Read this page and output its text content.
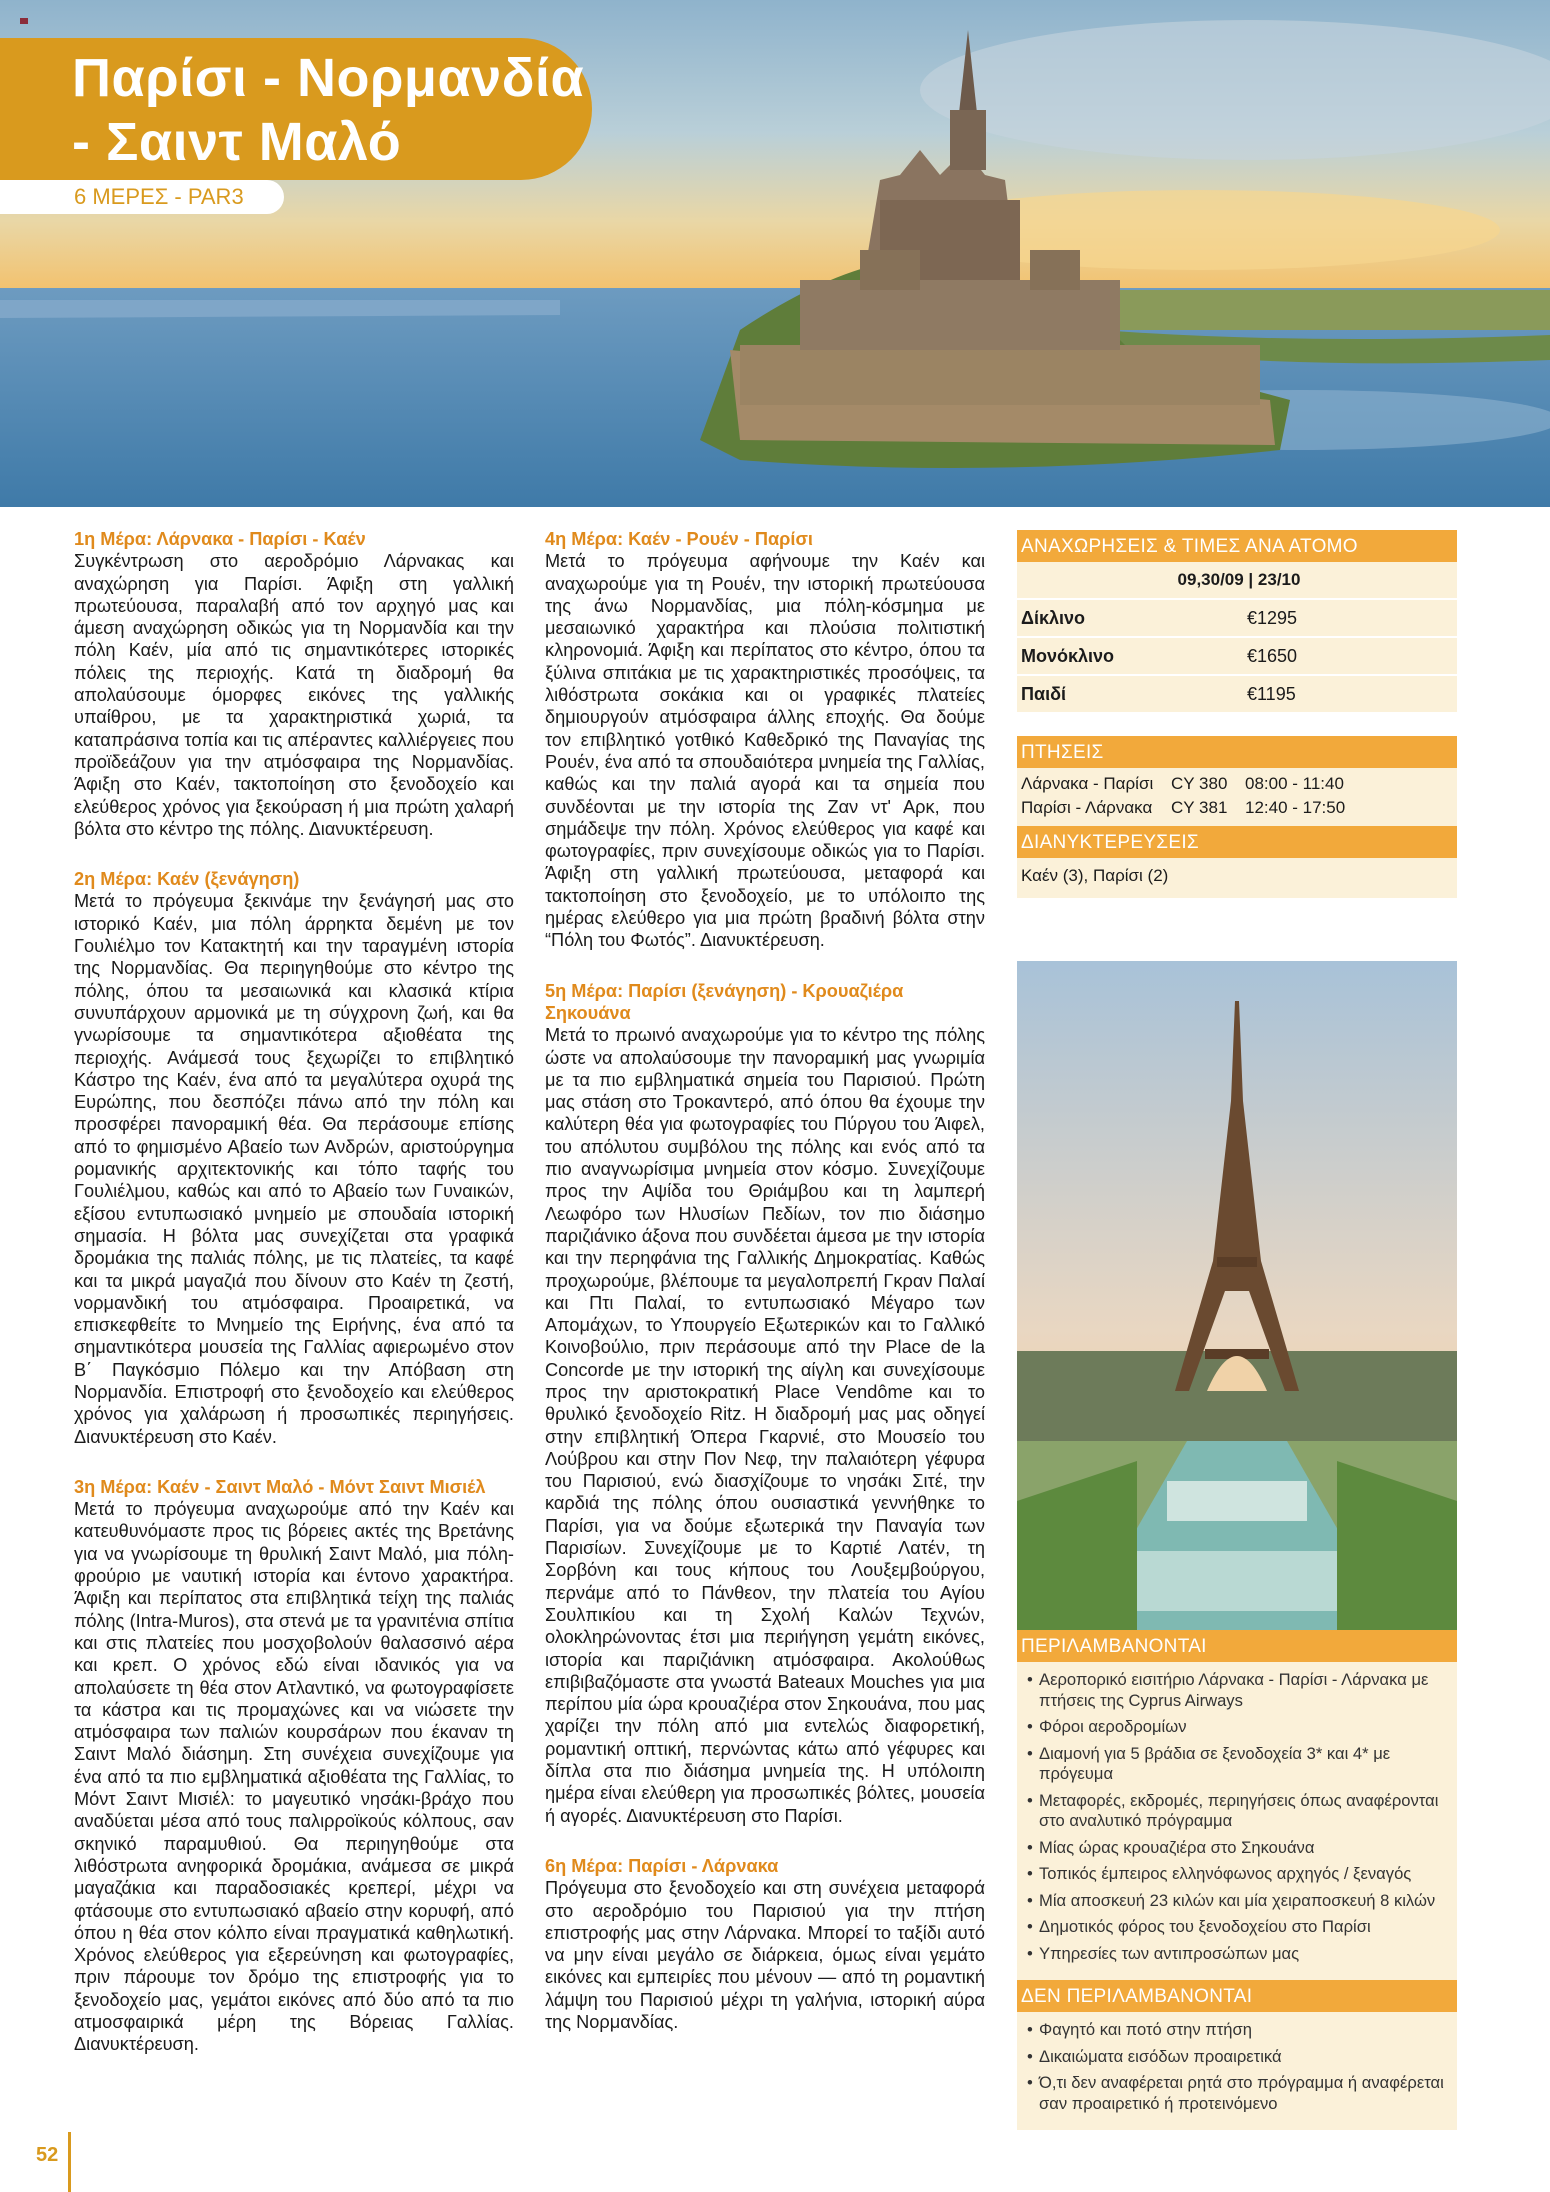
Παρίσι - Νορμανδία
- Σαιντ Μαλό
6 ΜΕΡΕΣ - PAR3
1η Μέρα: Λάρνακα - Παρίσι - Καέν

Συγκέντρωση στο αεροδρόμιο Λάρνακας και αναχώρηση για Παρίσι. Άφιξη στη γαλλική πρωτεύουσα, παραλαβή από τον αρχηγό μας και άμεση αναχώρηση οδικώς για τη Νορμανδία και την πόλη Καέν, μία από τις σημαντικότερες ιστορικές πόλεις της περιοχής. Κατά τη διαδρομή θα απολαύσουμε όμορφες εικόνες της γαλλικής υπαίθρου, με τα χαρακτηριστικά χωριά, τα καταπράσινα τοπία και τις απέραντες καλλιέργειες που προϊδεάζουν για την ατμόσφαιρα της Νορμανδίας. Άφιξη στο Καέν, τακτοποίηση στο ξενοδοχείο και ελεύθερος χρόνος για ξεκούραση ή μια πρώτη χαλαρή βόλτα στο κέντρο της πόλης. Διανυκτέρευση.

2η Μέρα: Καέν (ξενάγηση)

Μετά το πρόγευμα ξεκινάμε την ξενάγησή μας στο ιστορικό Καέν, μια πόλη άρρηκτα δεμένη με τον Γουλιέλμο τον Κατακτητή και την ταραγμένη ιστορία της Νορμανδίας. Θα περιηγηθούμε στο κέντρο της πόλης, όπου τα μεσαιωνικά και κλασικά κτίρια συνυπάρχουν αρμονικά με τη σύγχρονη ζωή, και θα γνωρίσουμε τα σημαντικότερα αξιοθέατα της περιοχής. Ανάμεσά τους ξεχωρίζει το επιβλητικό Κάστρο της Καέν, ένα από τα μεγαλύτερα οχυρά της Ευρώπης, που δεσπόζει πάνω από την πόλη και προσφέρει πανοραμική θέα. Θα περάσουμε επίσης από το φημισμένο Αβαείο των Ανδρών, αριστούργημα ρομανικής αρχιτεκτονικής και τόπο ταφής του Γουλιέλμου, καθώς και από το Αβαείο των Γυναικών, εξίσου εντυπωσιακό μνημείο με σπουδαία ιστορική σημασία. Η βόλτα μας συνεχίζεται στα γραφικά δρομάκια της παλιάς πόλης, με τις πλατείες, τα καφέ και τα μικρά μαγαζιά που δίνουν στο Καέν τη ζεστή, νορμανδική του ατμόσφαιρα. Προαιρετικά, να επισκεφθείτε το Μνημείο της Ειρήνης, ένα από τα σημαντικότερα μουσεία της Γαλλίας αφιερωμένο στον Β΄ Παγκόσμιο Πόλεμο και την Απόβαση στη Νορμανδία. Επιστροφή στο ξενοδοχείο και ελεύθερος χρόνος για χαλάρωση ή προσωπικές περιηγήσεις. Διανυκτέρευση στο Καέν.

3η Μέρα: Καέν - Σαιντ Μαλό - Μόντ Σαιντ Μισιέλ

Μετά το πρόγευμα αναχωρούμε από την Καέν και κατευθυνόμαστε προς τις βόρειες ακτές της Βρετάνης για να γνωρίσουμε τη θρυλική Σαιντ Μαλό, μια πόλη-φρούριο με ναυτική ιστορία και έντονο χαρακτήρα. Άφιξη και περίπατος στα επιβλητικά τείχη της παλιάς πόλης (Intra-Muros), στα στενά με τα γρανιτένια σπίτια και στις πλατείες που μοσχοβολούν θαλασσινό αέρα και κρεπ. Ο χρόνος εδώ είναι ιδανικός για να απολαύσετε τη θέα στον Ατλαντικό, να φωτογραφίσετε τα κάστρα και τις προμαχώνες και να νιώσετε την ατμόσφαιρα των παλιών κουρσάρων που έκαναν τη Σαιντ Μαλό διάσημη. Στη συνέχεια συνεχίζουμε για ένα από τα πιο εμβληματικά αξιοθέατα της Γαλλίας, το Μόντ Σαιντ Μισιέλ: το μαγευτικό νησάκι-βράχο που αναδύεται μέσα από τους παλιρροϊκούς κόλπους, σαν σκηνικό παραμυθιού. Θα περιηγηθούμε στα λιθόστρωτα ανηφορικά δρομάκια, ανάμεσα σε μικρά μαγαζάκια και παραδοσιακές κρεπερί, μέχρι να φτάσουμε στο εντυπωσιακό αβαείο στην κορυφή, από όπου η θέα στον κόλπο είναι πραγματικά καθηλωτική. Χρόνος ελεύθερος για εξερεύνηση και φωτογραφίες, πριν πάρουμε τον δρόμο της επιστροφής για το ξενοδοχείο μας, γεμάτοι εικόνες από δύο από τα πιο ατμοσφαιρικά μέρη της Βόρειας Γαλλίας. Διανυκτέρευση.

4η Μέρα: Καέν - Ρουέν - Παρίσι

Μετά το πρόγευμα αφήνουμε την Καέν και αναχωρούμε για τη Ρουέν, την ιστορική πρωτεύουσα της άνω Νορμανδίας, μια πόλη-κόσμημα με μεσαιωνικό χαρακτήρα και πλούσια πολιτιστική κληρονομιά. Άφιξη και περίπατος στο κέντρο, όπου τα ξύλινα σπιτάκια με τις χαρακτηριστικές προσόψεις, τα λιθόστρωτα σοκάκια και οι γραφικές πλατείες δημιουργούν ατμόσφαιρα άλλης εποχής. Θα δούμε τον επιβλητικό γοτθικό Καθεδρικό της Παναγίας της Ρουέν, ένα από τα σπουδαιότερα μνημεία της Γαλλίας, καθώς και την παλιά αγορά και τα σημεία που συνδέονται με την ιστορία της Ζαν ντ' Αρκ, που σημάδεψε την πόλη. Χρόνος ελεύθερος για καφέ και φωτογραφίες, πριν συνεχίσουμε οδικώς για το Παρίσι. Άφιξη στη γαλλική πρωτεύουσα, μεταφορά και τακτοποίηση στο ξενοδοχείο, με το υπόλοιπο της ημέρας ελεύθερο για μια πρώτη βραδινή βόλτα στην “Πόλη του Φωτός”. Διανυκτέρευση.

5η Μέρα: Παρίσι (ξενάγηση) - Κρουαζιέρα Σηκουάνα

Μετά το πρωινό αναχωρούμε για το κέντρο της πόλης ώστε να απολαύσουμε την πανοραμική μας γνωριμία με τα πιο εμβληματικά σημεία του Παρισιού. Πρώτη μας στάση στο Τροκαντερό, από όπου θα έχουμε την καλύτερη θέα για φωτογραφίες του Πύργου του Άιφελ, του απόλυτου συμβόλου της πόλης και ενός από τα πιο αναγνωρίσιμα μνημεία στον κόσμο. Συνεχίζουμε προς την Αψίδα του Θριάμβου και τη λαμπερή Λεωφόρο των Ηλυσίων Πεδίων, τον πιο διάσημο παριζιάνικο άξονα που συνδέεται άμεσα με την ιστορία και την περηφάνια της Γαλλικής Δημοκρατίας. Καθώς προχωρούμε, βλέπουμε τα μεγαλοπρεπή Γκραν Παλαί και Πτι Παλαί, το εντυπωσιακό Μέγαρο των Απομάχων, το Υπουργείο Εξωτερικών και το Γαλλικό Κοινοβούλιο, πριν περάσουμε από την Place de la Concorde με την ιστορική της αίγλη και συνεχίσουμε προς την αριστοκρατική Place Vendôme και το θρυλικό ξενοδοχείο Ritz. Η διαδρομή μας μας οδηγεί στην επιβλητική Όπερα Γκαρνιέ, στο Μουσείο του Λούβρου και στην Πον Νεφ, την παλαιότερη γέφυρα του Παρισιού, ενώ διασχίζουμε το νησάκι Σιτέ, την καρδιά της πόλης όπου ουσιαστικά γεννήθηκε το Παρίσι, για να δούμε εξωτερικά την Παναγία των Παρισίων. Συνεχίζουμε με το Καρτιέ Λατέν, τη Σορβόνη και τους κήπους του Λουξεμβούργου, περνάμε από το Πάνθεον, την πλατεία του Αγίου Σουλπικίου και τη Σχολή Καλών Τεχνών, ολοκληρώνοντας έτσι μια περιήγηση γεμάτη εικόνες, ιστορία και παριζιάνικη ατμόσφαιρα. Ακολούθως επιβιβαζόμαστε στα γνωστά Bateaux Mouches για μια περίπου μία ώρα κρουαζιέρα στον Σηκουάνα, που μας χαρίζει την πόλη από μια εντελώς διαφορετική, ρομαντική οπτική, περνώντας κάτω από γέφυρες και δίπλα στα πιο διάσημα μνημεία της. Η υπόλοιπη ημέρα είναι ελεύθερη για προσωπικές βόλτες, μουσεία ή αγορές. Διανυκτέρευση στο Παρίσι.

6η Μέρα: Παρίσι - Λάρνακα

Πρόγευμα στο ξενοδοχείο και στη συνέχεια μεταφορά στο αεροδρόμιο του Παρισιού για την πτήση επιστροφής μας στην Λάρνακα. Μπορεί το ταξίδι αυτό να μην είναι μεγάλο σε διάρκεια, όμως είναι γεμάτο εικόνες και εμπειρίες που μένουν — από τη ρομαντική λάμψη του Παρισιού μέχρι τη γαλήνια, ιστορική αύρα της Νορμανδίας.

ΑΝΑΧΩΡΗΣΕΙΣ & ΤΙΜΕΣ ΑΝΑ ΑΤΟΜΟ
09,30/09 | 23/10	
Δίκλινο	€1295
Μονόκλινο	€1650
Παιδί	€1195
ΠΤΗΣΕΙΣ
Λάρνακα - Παρίσι	CY 380	08:00 - 11:40
Παρίσι - Λάρνακα	CY 381	12:40 - 17:50
ΔΙΑΝΥΚΤΕΡΕΥΣΕΙΣ
Καέν (3), Παρίσι (2)
ΠΕΡΙΛΑΜΒΑΝΟΝΤΑΙ
• Αεροπορικό εισιτήριο Λάρνακα - Παρίσι - Λάρνακα με πτήσεις της Cyprus Airways
• Φόροι αεροδρομίων
• Διαμονή για 5 βράδια σε ξενοδοχεία 3* και 4* με πρόγευμα
• Μεταφορές, εκδρομές, περιηγήσεις όπως αναφέρονται στο αναλυτικό πρόγραμμα
• Μίας ώρας κρουαζιέρα στο Σηκουάνα
• Τοπικός έμπειρος ελληνόφωνος αρχηγός / ξεναγός
• Μία αποσκευή 23 κιλών και μία χειραποσκευή 8 κιλών
• Δημοτικός φόρος του ξενοδοχείου στο Παρίσι
• Υπηρεσίες των αντιπροσώπων μας
ΔΕΝ ΠΕΡΙΛΑΜΒΑΝΟΝΤΑΙ
• Φαγητό και ποτό στην πτήση
• Δικαιώματα εισόδων προαιρετικά
• Ό,τι δεν αναφέρεται ρητά στο πρόγραμμα ή αναφέρεται σαν προαιρετικό ή προτεινόμενο
52
